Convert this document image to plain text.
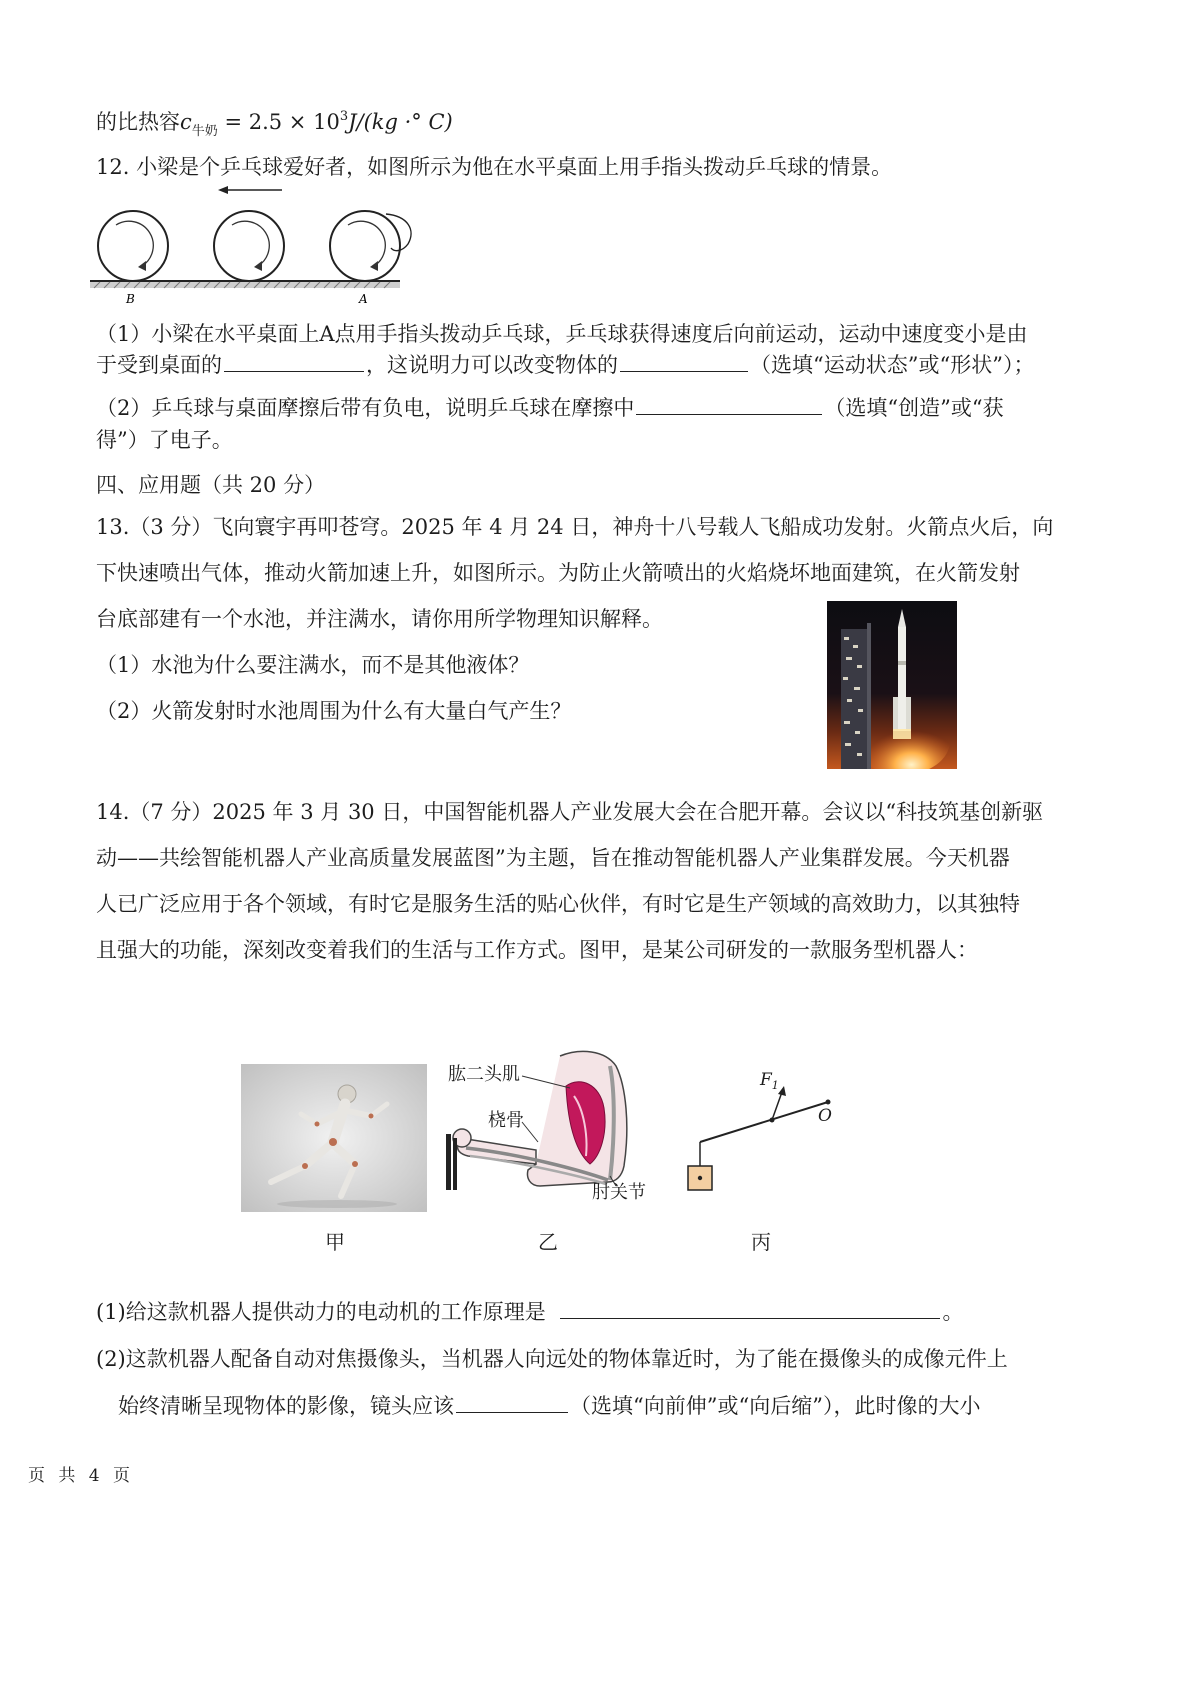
的比热容$c_{牛奶} = 2.5 \times 10^3J/(kg$ ·° C)
12. 小梁是个乒乓球爱好者，如图所示为他在水平桌面上用手指头拨动乒乓球的情景。
B	A
（1）小梁在水平桌面上A点用手指头拨动乒乓球，乒乓球获得速度后向前运动，运动中速度变小是由
于受到桌面的	，这说明力可以改变物体的	（选填“运动状态”或“形状”）；
（2）乒乓球与桌面摩擦后带有负电，说明乒乓球在摩擦中	（选填“创造”或“获
得”）了电子。
四、应用题（共 20 分）
13.（3 分）飞向寰宇再叩苍穹。2025 年 4 月 24 日，神舟十八号载人飞船成功发射。火箭点火后，向
下快速喷出气体，推动火箭加速上升，如图所示。为防止火箭喷出的火焰烧坏地面建筑，在火箭发射
台底部建有一个水池，并注满水，请你用所学物理知识解释。
（1）水池为什么要注满水，而不是其他液体？
（2）火箭发射时水池周围为什么有大量白气产生？
14.（7 分）2025 年 3 月 30 日，中国智能机器人产业发展大会在合肥开幕。会议以“科技筑基创新驱
动——共绘智能机器人产业高质量发展蓝图”为主题，旨在推动智能机器人产业集群发展。今天机器
人已广泛应用于各个领域，有时它是服务生活的贴心伙伴，有时它是生产领域的高效助力，以其独特
且强大的功能，深刻改变着我们的生活与工作方式。图甲，是某公司研发的一款服务型机器人：
甲
肱二头肌
桡骨
肘关节
乙
$F_1$
O
丙
(1)给这款机器人提供动力的电动机的工作原理是	。
(2)这款机器人配备自动对焦摄像头，当机器人向远处的物体靠近时，为了能在摄像头的成像元件上
始终清晰呈现物体的影像，镜头应该	（选填“向前伸”或“向后缩”），此时像的大小
页 共 4 页
